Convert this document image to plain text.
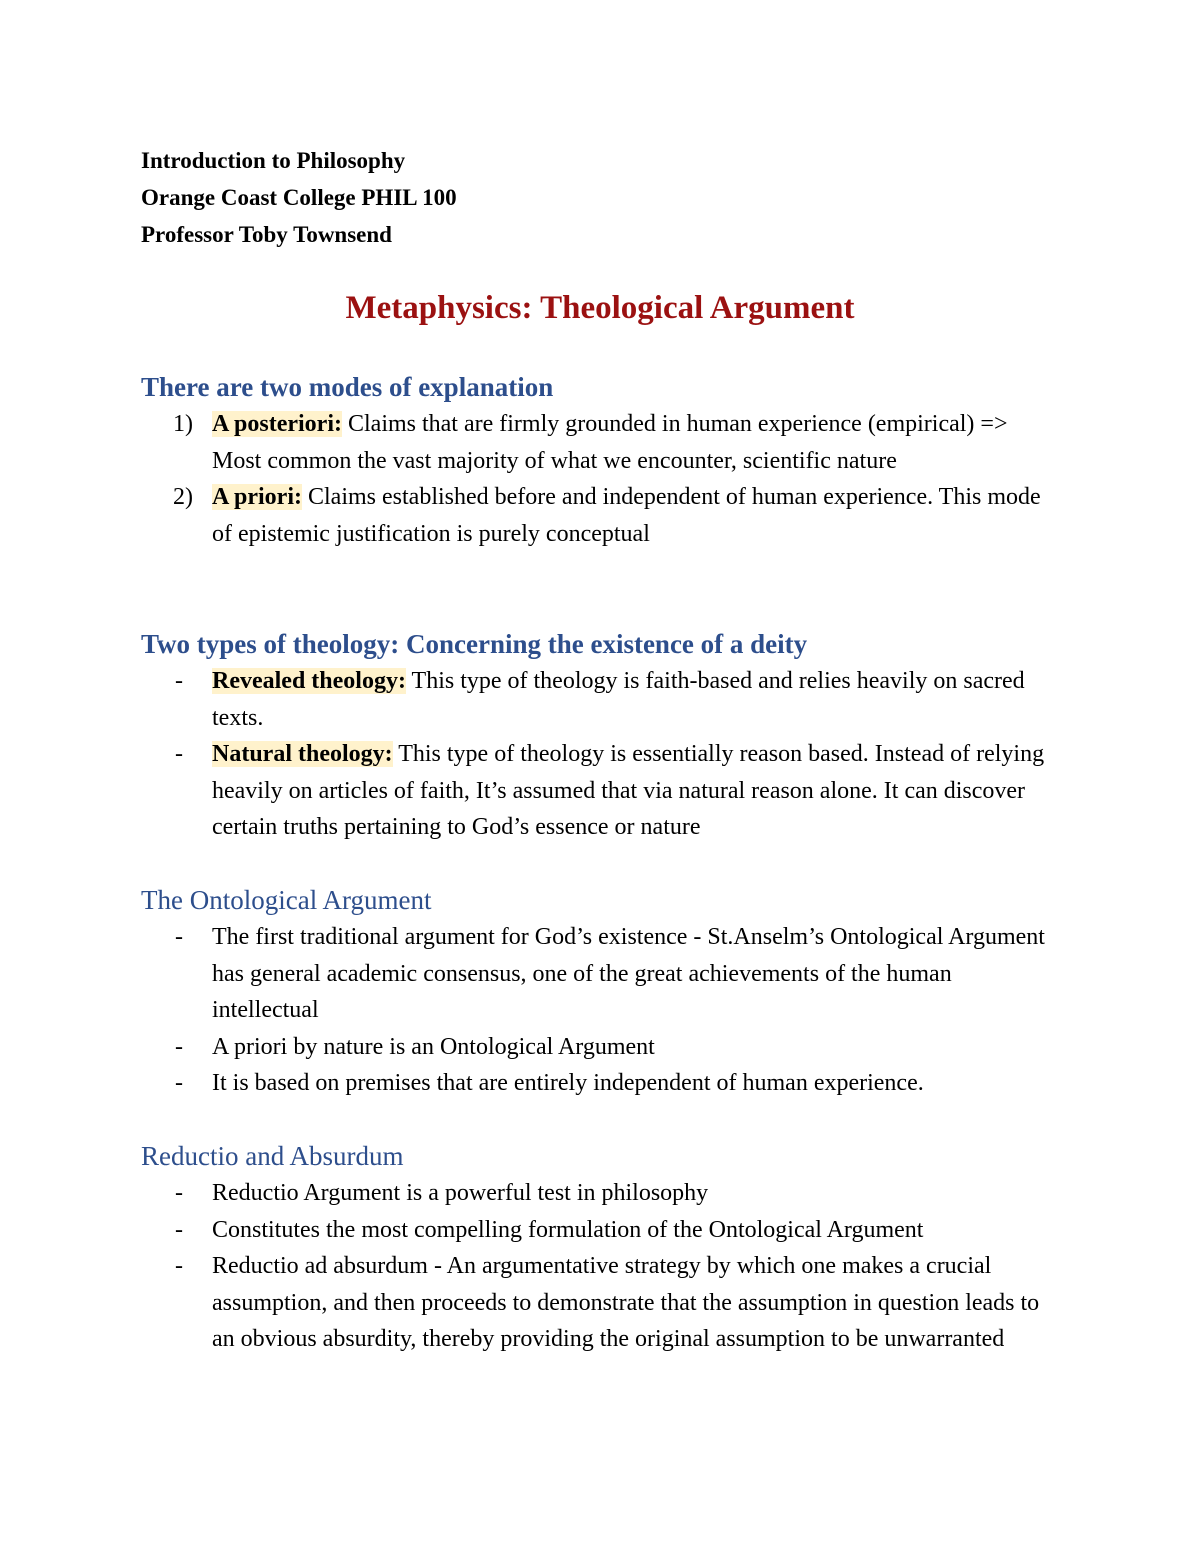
Introduction to Philosophy
Orange Coast College PHIL 100
Professor Toby Townsend
Metaphysics: Theological Argument
There are two modes of explanation
1) A posteriori: Claims that are firmly grounded in human experience (empirical) => Most common the vast majority of what we encounter, scientific nature
2) A priori: Claims established before and independent of human experience. This mode of epistemic justification is purely conceptual
Two types of theology: Concerning the existence of a deity
- Revealed theology: This type of theology is faith-based and relies heavily on sacred texts.
- Natural theology: This type of theology is essentially reason based. Instead of relying heavily on articles of faith, It’s assumed that via natural reason alone. It can discover certain truths pertaining to God’s essence or nature
The Ontological Argument
- The first traditional argument for God’s existence - St.Anselm’s Ontological Argument has general academic consensus, one of the great achievements of the human intellectual
- A priori by nature is an Ontological Argument
- It is based on premises that are entirely independent of human experience.
Reductio and Absurdum
- Reductio Argument is a powerful test in philosophy
- Constitutes the most compelling formulation of the Ontological Argument
- Reductio ad absurdum - An argumentative strategy by which one makes a crucial assumption, and then proceeds to demonstrate that the assumption in question leads to an obvious absurdity, thereby providing the original assumption to be unwarranted
